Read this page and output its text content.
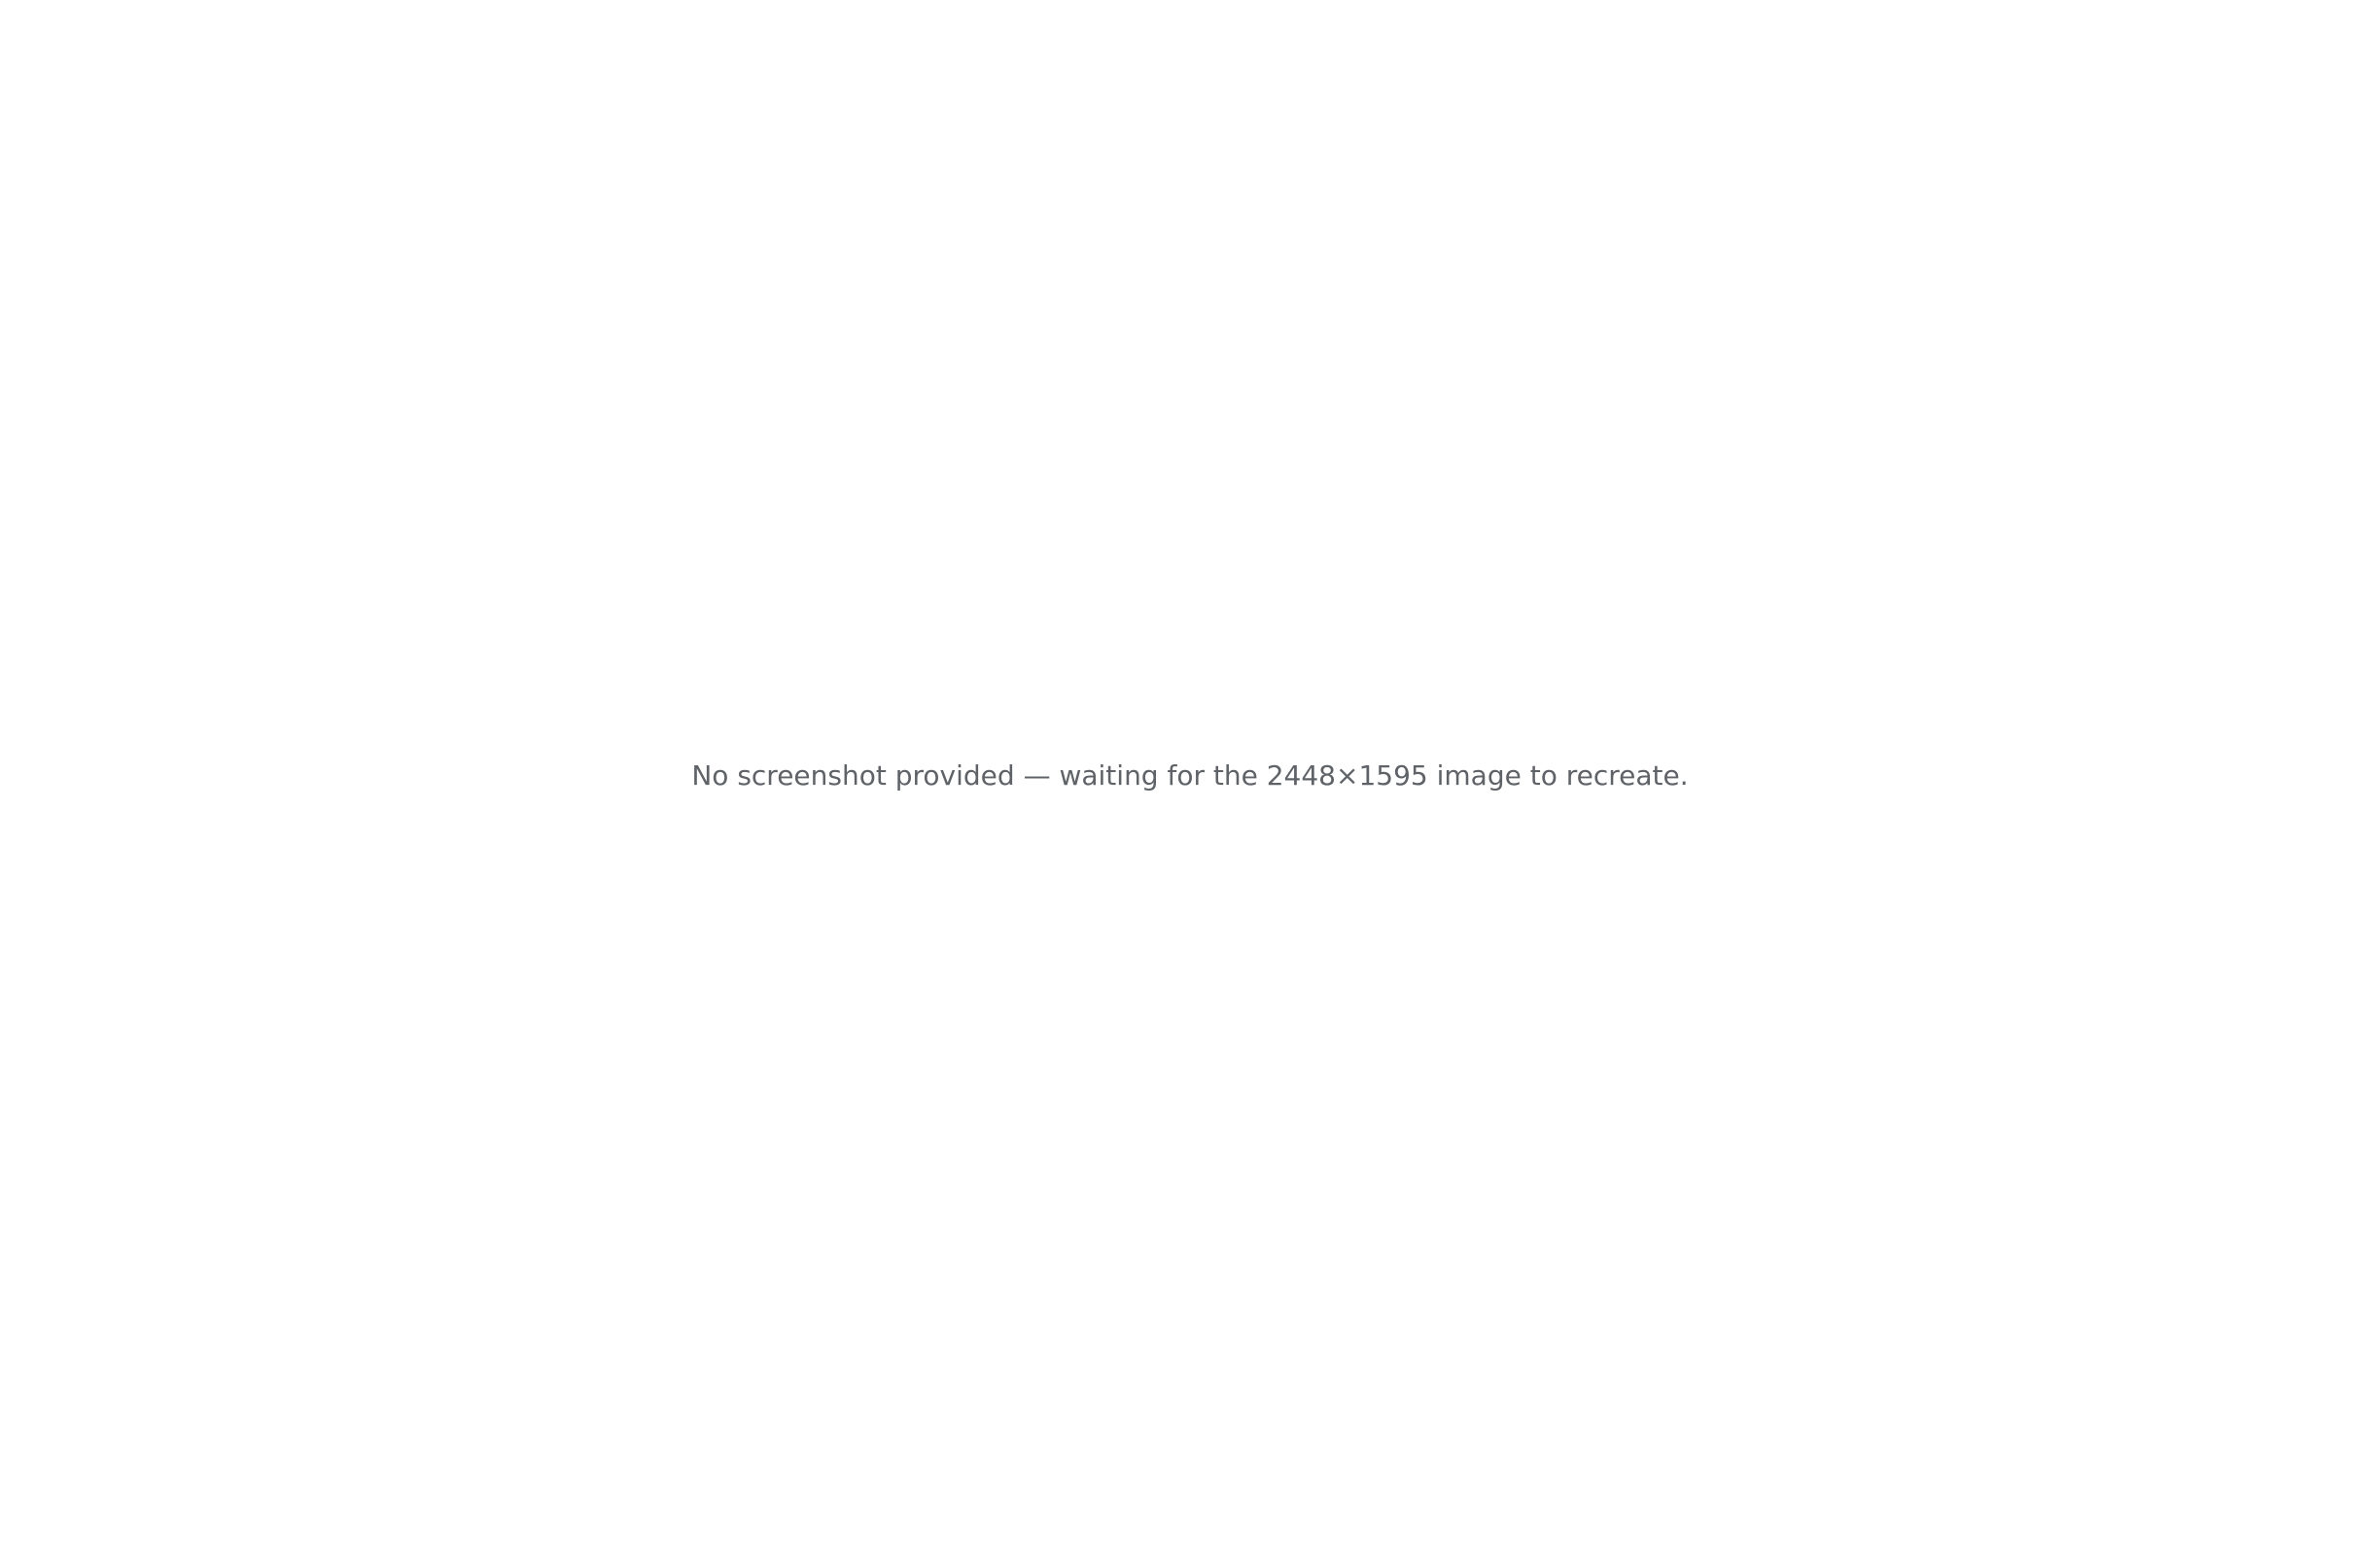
No screenshot provided — waiting for the 2448×1595 image to recreate.
